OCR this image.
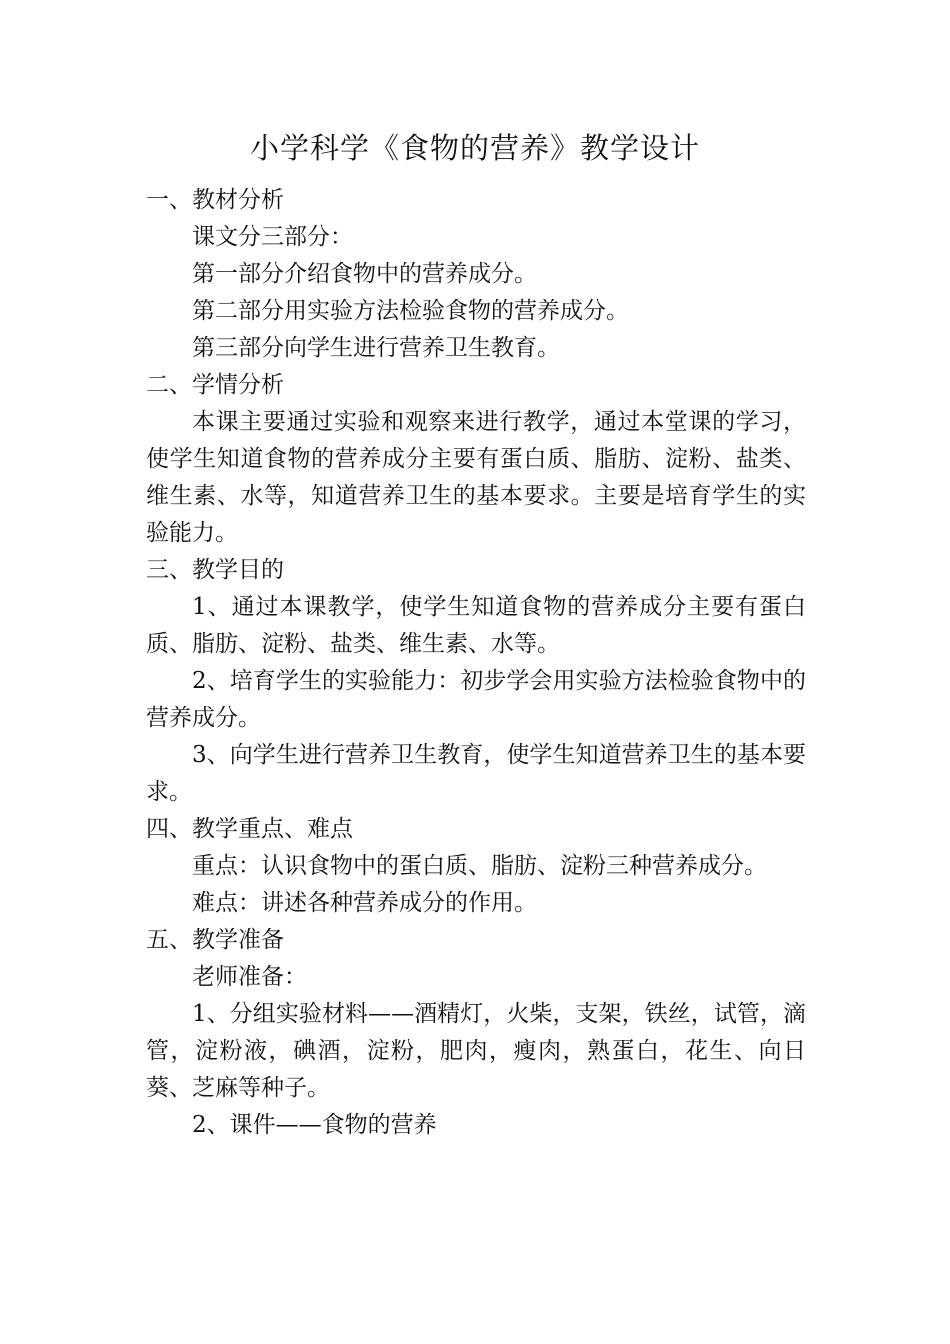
小学科学《食物的营养》教学设计

一、教材分析

课文分三部分：

第一部分介绍食物中的营养成分。

第二部分用实验方法检验食物的营养成分。

第三部分向学生进行营养卫生教育。

二、学情分析

本课主要通过实验和观察来进行教学，通过本堂课的学习，使学生知道食物的营养成分主要有蛋白质、脂肪、淀粉、盐类、维生素、水等，知道营养卫生的基本要求。主要是培育学生的实验能力。

三、教学目的

1、通过本课教学，使学生知道食物的营养成分主要有蛋白质、脂肪、淀粉、盐类、维生素、水等。

2、培育学生的实验能力：初步学会用实验方法检验食物中的营养成分。

3、向学生进行营养卫生教育，使学生知道营养卫生的基本要求。

四、教学重点、难点

重点：认识食物中的蛋白质、脂肪、淀粉三种营养成分。

难点：讲述各种营养成分的作用。

五、教学准备

老师准备：

1、分组实验材料——酒精灯，火柴，支架，铁丝，试管，滴管，淀粉液，碘酒，淀粉，肥肉，瘦肉，熟蛋白，花生、向日葵、芝麻等种子。

2、课件——食物的营养
